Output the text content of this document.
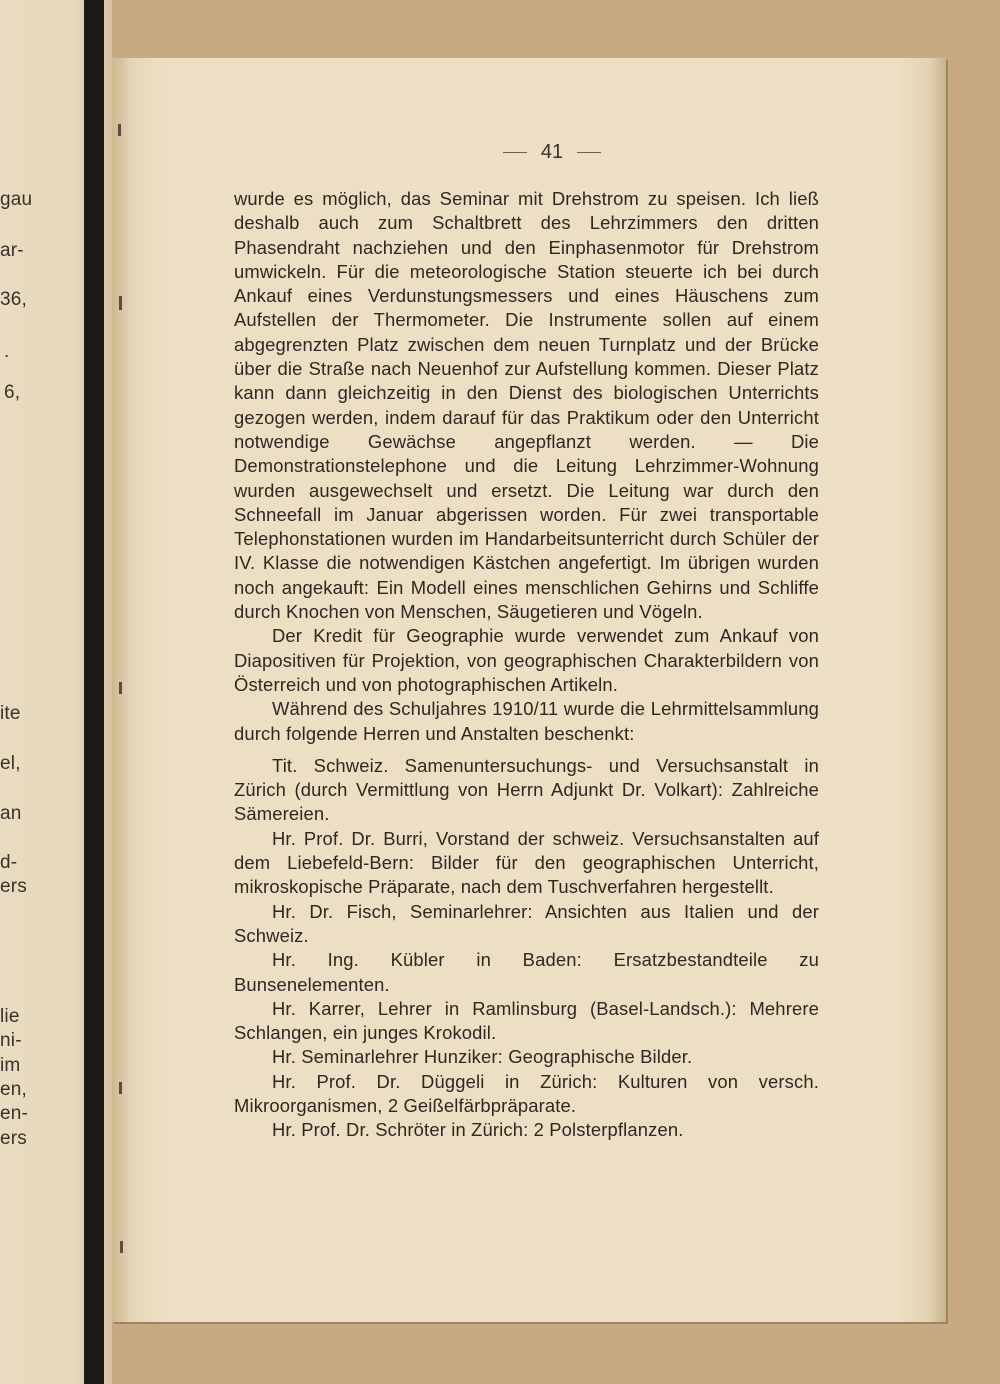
gau
ar-
36,
.
6,
ite
el,
an
d-
ers
lie
ni-
im
en,
en-
ers
41

wurde es möglich, das Seminar mit Drehstrom zu speisen. Ich ließ deshalb auch zum Schaltbrett des Lehrzimmers den dritten Phasendraht nachziehen und den Einphasenmotor für Drehstrom umwickeln. Für die meteorologische Station steuerte ich bei durch Ankauf eines Verdunstungsmessers und eines Häuschens zum Aufstellen der Thermometer. Die Instrumente sollen auf einem abgegrenzten Platz zwischen dem neuen Turnplatz und der Brücke über die Straße nach Neuenhof zur Aufstellung kommen. Dieser Platz kann dann gleichzeitig in den Dienst des biologischen Unterrichts gezogen werden, indem darauf für das Praktikum oder den Unterricht notwendige Gewächse angepflanzt werden. — Die Demonstrationstelephone und die Leitung Lehrzimmer-Wohnung wurden ausgewechselt und ersetzt. Die Leitung war durch den Schneefall im Januar abgerissen worden. Für zwei transportable Telephonstationen wurden im Handarbeitsunterricht durch Schüler der IV. Klasse die notwendigen Kästchen angefertigt. Im übrigen wurden noch angekauft: Ein Modell eines menschlichen Gehirns und Schliffe durch Knochen von Menschen, Säugetieren und Vögeln.

Der Kredit für Geographie wurde verwendet zum Ankauf von Diapositiven für Projektion, von geographischen Charakterbildern von Österreich und von photographischen Artikeln.

Während des Schuljahres 1910/11 wurde die Lehrmittelsammlung durch folgende Herren und Anstalten beschenkt:

Tit. Schweiz. Samenuntersuchungs- und Versuchsanstalt in Zürich (durch Vermittlung von Herrn Adjunkt Dr. Volkart): Zahlreiche Sämereien.

Hr. Prof. Dr. Burri, Vorstand der schweiz. Versuchsanstalten auf dem Liebefeld-Bern: Bilder für den geographischen Unterricht, mikroskopische Präparate, nach dem Tuschverfahren hergestellt.

Hr. Dr. Fisch, Seminarlehrer: Ansichten aus Italien und der Schweiz.

Hr. Ing. Kübler in Baden: Ersatzbestandteile zu Bunsenelementen.

Hr. Karrer, Lehrer in Ramlinsburg (Basel-Landsch.): Mehrere Schlangen, ein junges Krokodil.

Hr. Seminarlehrer Hunziker: Geographische Bilder.

Hr. Prof. Dr. Düggeli in Zürich: Kulturen von versch. Mikroorganismen, 2 Geißelfärbpräparate.

Hr. Prof. Dr. Schröter in Zürich: 2 Polsterpflanzen.
